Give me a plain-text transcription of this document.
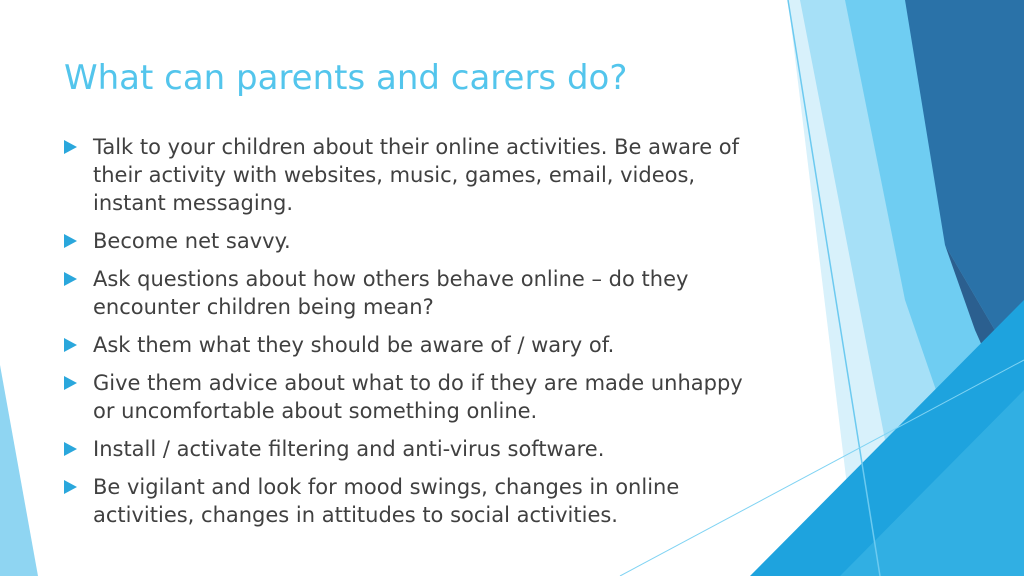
What can parents and carers do?
Talk to your children about their online activities. Be aware of their activity with websites, music, games, email, videos, instant messaging.
Become net savvy.
Ask questions about how others behave online – do they encounter children being mean?
Ask them what they should be aware of / wary of.
Give them advice about what to do if they are made unhappy or uncomfortable about something online.
Install / activate filtering and anti-virus software.
Be vigilant and look for mood swings, changes in online activities, changes in attitudes to social activities.
